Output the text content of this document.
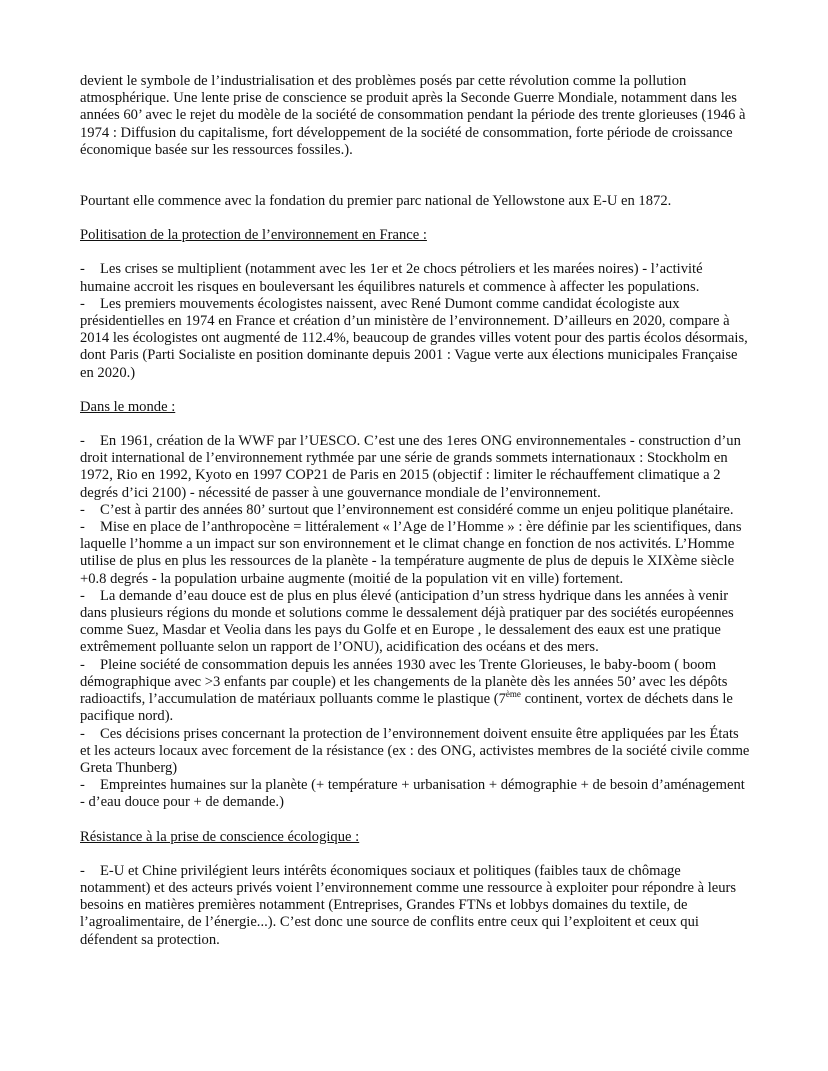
devient le symbole de l’industrialisation et des problèmes posés par cette révolution comme la pollution atmosphérique. Une lente prise de conscience se produit après la Seconde Guerre Mondiale, notamment dans les années 60’ avec le rejet du modèle de la société de consommation pendant la période des trente glorieuses (1946 à 1974 : Diffusion du capitalisme, fort développement de la société de consommation, forte période de croissance économique basée sur les ressources fossiles.).

Pourtant elle commence avec la fondation du premier parc national de Yellowstone aux E-U en 1872.

Politisation de la protection de l’environnement en France :

- Les crises se multiplient (notamment avec les 1er et 2e chocs pétroliers et les marées noires) - l’activité humaine accroit les risques en bouleversant les équilibres naturels et commence à affecter les populations.

- Les premiers mouvements écologistes naissent, avec René Dumont comme candidat écologiste aux présidentielles en 1974 en France et création d’un ministère de l’environnement. D’ailleurs en 2020, compare à 2014 les écologistes ont augmenté de 112.4%, beaucoup de grandes villes votent pour des partis écolos désormais, dont Paris (Parti Socialiste en position dominante depuis 2001 : Vague verte aux élections municipales Française en 2020.)

Dans le monde :

- En 1961, création de la WWF par l’UESCO. C’est une des 1eres ONG environnementales - construction d’un droit international de l’environnement rythmée par une série de grands sommets internationaux : Stockholm en 1972, Rio en 1992, Kyoto en 1997 COP21 de Paris en 2015 (objectif : limiter le réchauffement climatique a 2 degrés d’ici 2100) - nécessité de passer à une gouvernance mondiale de l’environnement.

- C’est à partir des années 80’ surtout que l’environnement est considéré comme un enjeu politique planétaire.

- Mise en place de l’anthropocène = littéralement « l’Age de l’Homme » : ère définie par les scientifiques, dans laquelle l’homme a un impact sur son environnement et le climat change en fonction de nos activités. L’Homme utilise de plus en plus les ressources de la planète - la température augmente de plus de depuis le XIXème siècle +0.8 degrés - la population urbaine augmente (moitié de la population vit en ville) fortement.

- La demande d’eau douce est de plus en plus élevé (anticipation d’un stress hydrique dans les années à venir dans plusieurs régions du monde et solutions comme le dessalement déjà pratiquer par des sociétés européennes comme Suez, Masdar et Veolia dans les pays du Golfe et en Europe , le dessalement des eaux est une pratique extrêmement polluante selon un rapport de l’ONU), acidification des océans et des mers.

- Pleine société de consommation depuis les années 1930 avec les Trente Glorieuses, le baby-boom ( boom démographique avec >3 enfants par couple) et les changements de la planète dès les années 50’ avec les dépôts radioactifs, l’accumulation de matériaux polluants comme le plastique (7ème continent, vortex de déchets dans le pacifique nord).

- Ces décisions prises concernant la protection de l’environnement doivent ensuite être appliquées par les États et les acteurs locaux avec forcement de la résistance (ex : des ONG, activistes membres de la société civile comme Greta Thunberg)

- Empreintes humaines sur la planète (+ température + urbanisation + démographie + de besoin d’aménagement - d’eau douce pour + de demande.)

Résistance à la prise de conscience écologique :

- E-U et Chine privilégient leurs intérêts économiques sociaux et politiques (faibles taux de chômage notamment) et des acteurs privés voient l’environnement comme une ressource à exploiter pour répondre à leurs besoins en matières premières notamment (Entreprises, Grandes FTNs et lobbys domaines du textile, de l’agroalimentaire, de l’énergie...). C’est donc une source de conflits entre ceux qui l’exploitent et ceux qui défendent sa protection.
